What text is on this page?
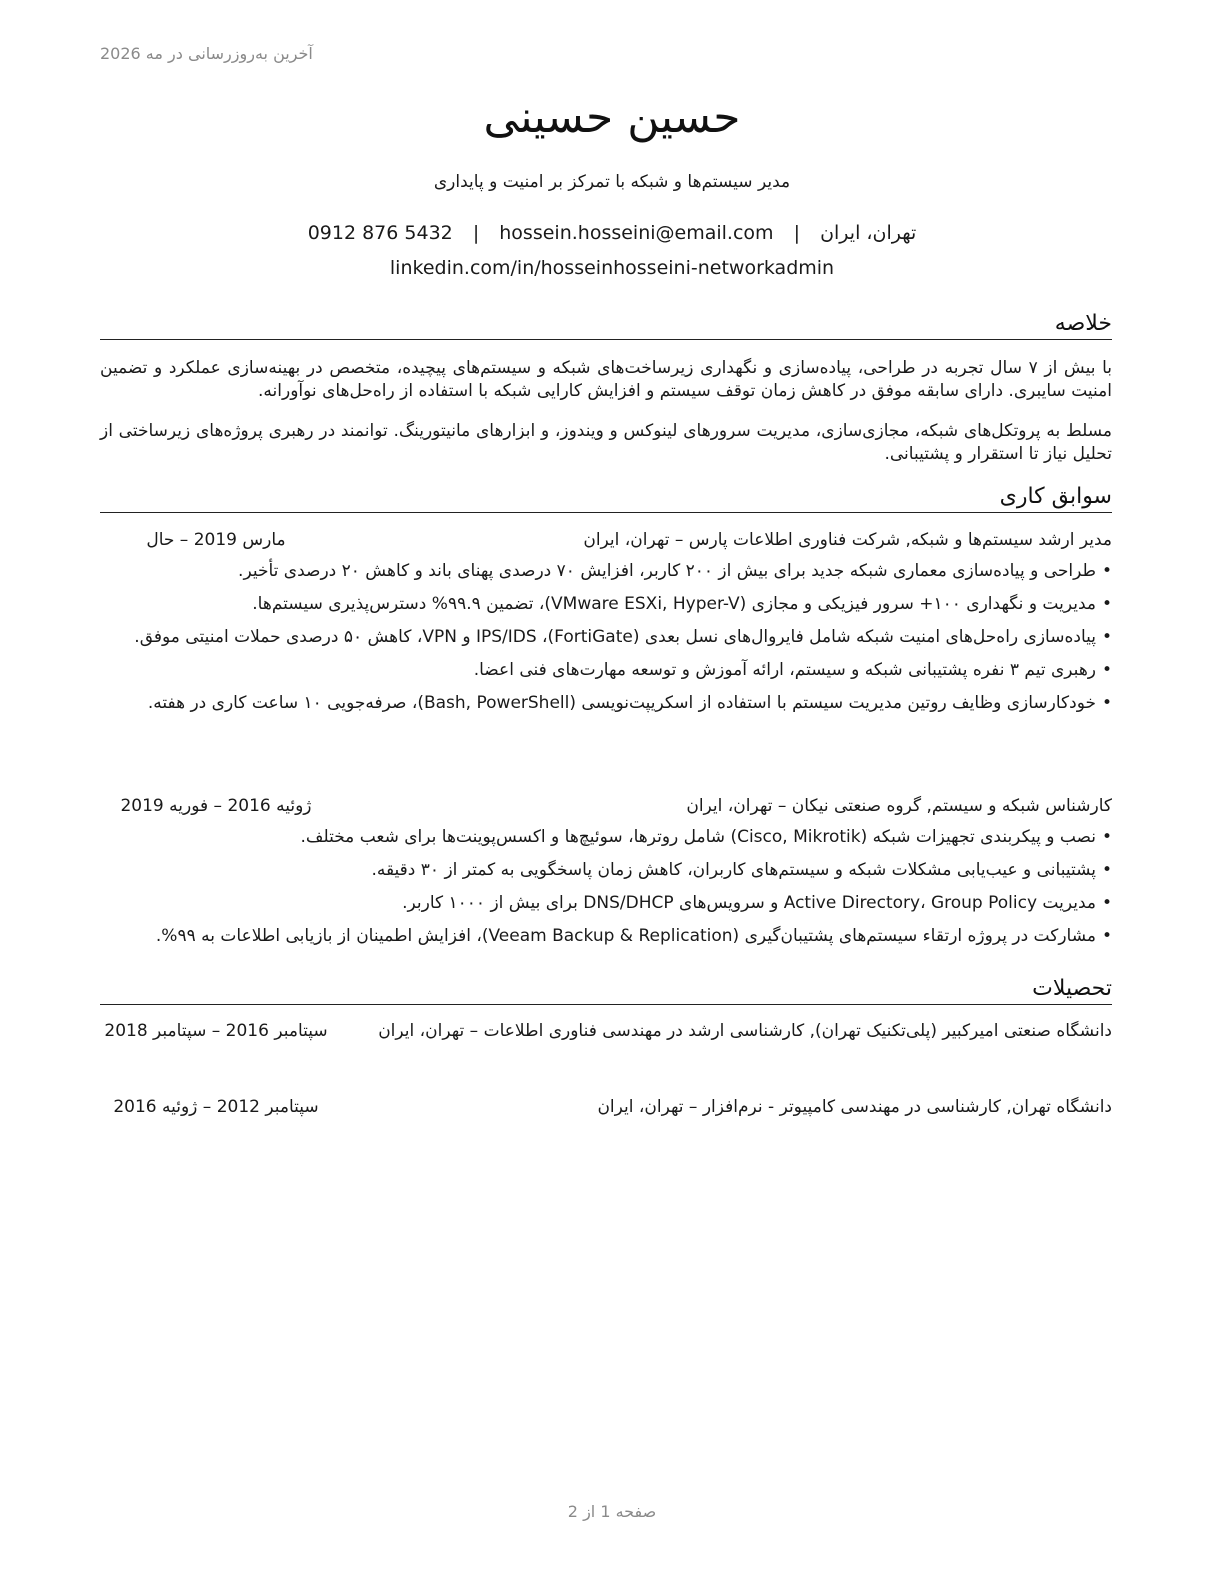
آخرین به‌روزرسانی در مه 2026
حسین حسینی
مدیر سیستم‌ها و شبکه با تمرکز بر امنیت و پایداری
تهران، ایران | hossein.hosseini@email.com | 0912 876 5432
linkedin.com/in/hosseinhosseini-networkadmin
خلاصه
با بیش از ۷ سال تجربه در طراحی، پیاده‌سازی و نگهداری زیرساخت‌های شبکه و سیستم‌های پیچیده، متخصص در بهینه‌سازی عملکرد و تضمین امنیت سایبری. دارای سابقه موفق در کاهش زمان توقف سیستم و افزایش کارایی شبکه با استفاده از راه‌حل‌های نوآورانه.
مسلط به پروتکل‌های شبکه، مجازی‌سازی، مدیریت سرورهای لینوکس و ویندوز، و ابزارهای مانیتورینگ. توانمند در رهبری پروژه‌های زیرساختی از تحلیل نیاز تا استقرار و پشتیبانی.
سوابق کاری
مدیر ارشد سیستم‌ها و شبکه, شرکت فناوری اطلاعات پارس – تهران، ایران
مارس 2019 – حال
• طراحی و پیاده‌سازی معماری شبکه جدید برای بیش از ۲۰۰ کاربر، افزایش ۷۰ درصدی پهنای باند و کاهش ۲۰ درصدی تأخیر.
• مدیریت و نگهداری ۱۰۰+ سرور فیزیکی و مجازی (VMware ESXi, Hyper-V)، تضمین ۹۹.۹% دسترس‌پذیری سیستم‌ها.
• پیاده‌سازی راه‌حل‌های امنیت شبکه شامل فایروال‌های نسل بعدی (FortiGate)، IPS/IDS و VPN، کاهش ۵۰ درصدی حملات امنیتی موفق.
• رهبری تیم ۳ نفره پشتیبانی شبکه و سیستم، ارائه آموزش و توسعه مهارت‌های فنی اعضا.
• خودکارسازی وظایف روتین مدیریت سیستم با استفاده از اسکریپت‌نویسی (Bash, PowerShell)، صرفه‌جویی ۱۰ ساعت کاری در هفته.
کارشناس شبکه و سیستم, گروه صنعتی نیکان – تهران، ایران
ژوئیه 2016 – فوریه 2019
• نصب و پیکربندی تجهیزات شبکه (Cisco, Mikrotik) شامل روترها، سوئیچ‌ها و اکسس‌پوینت‌ها برای شعب مختلف.
• پشتیبانی و عیب‌یابی مشکلات شبکه و سیستم‌های کاربران، کاهش زمان پاسخگویی به کمتر از ۳۰ دقیقه.
• مدیریت Active Directory، Group Policy و سرویس‌های DNS/DHCP برای بیش از ۱۰۰۰ کاربر.
• مشارکت در پروژه ارتقاء سیستم‌های پشتیبان‌گیری (Veeam Backup & Replication)، افزایش اطمینان از بازیابی اطلاعات به ۹۹%.
تحصیلات
دانشگاه صنعتی امیرکبیر (پلی‌تکنیک تهران), کارشناسی ارشد در مهندسی فناوری اطلاعات – تهران، ایران
سپتامبر 2016 – سپتامبر 2018
دانشگاه تهران, کارشناسی در مهندسی کامپیوتر - نرم‌افزار – تهران، ایران
سپتامبر 2012 – ژوئیه 2016
صفحه 1 از 2
